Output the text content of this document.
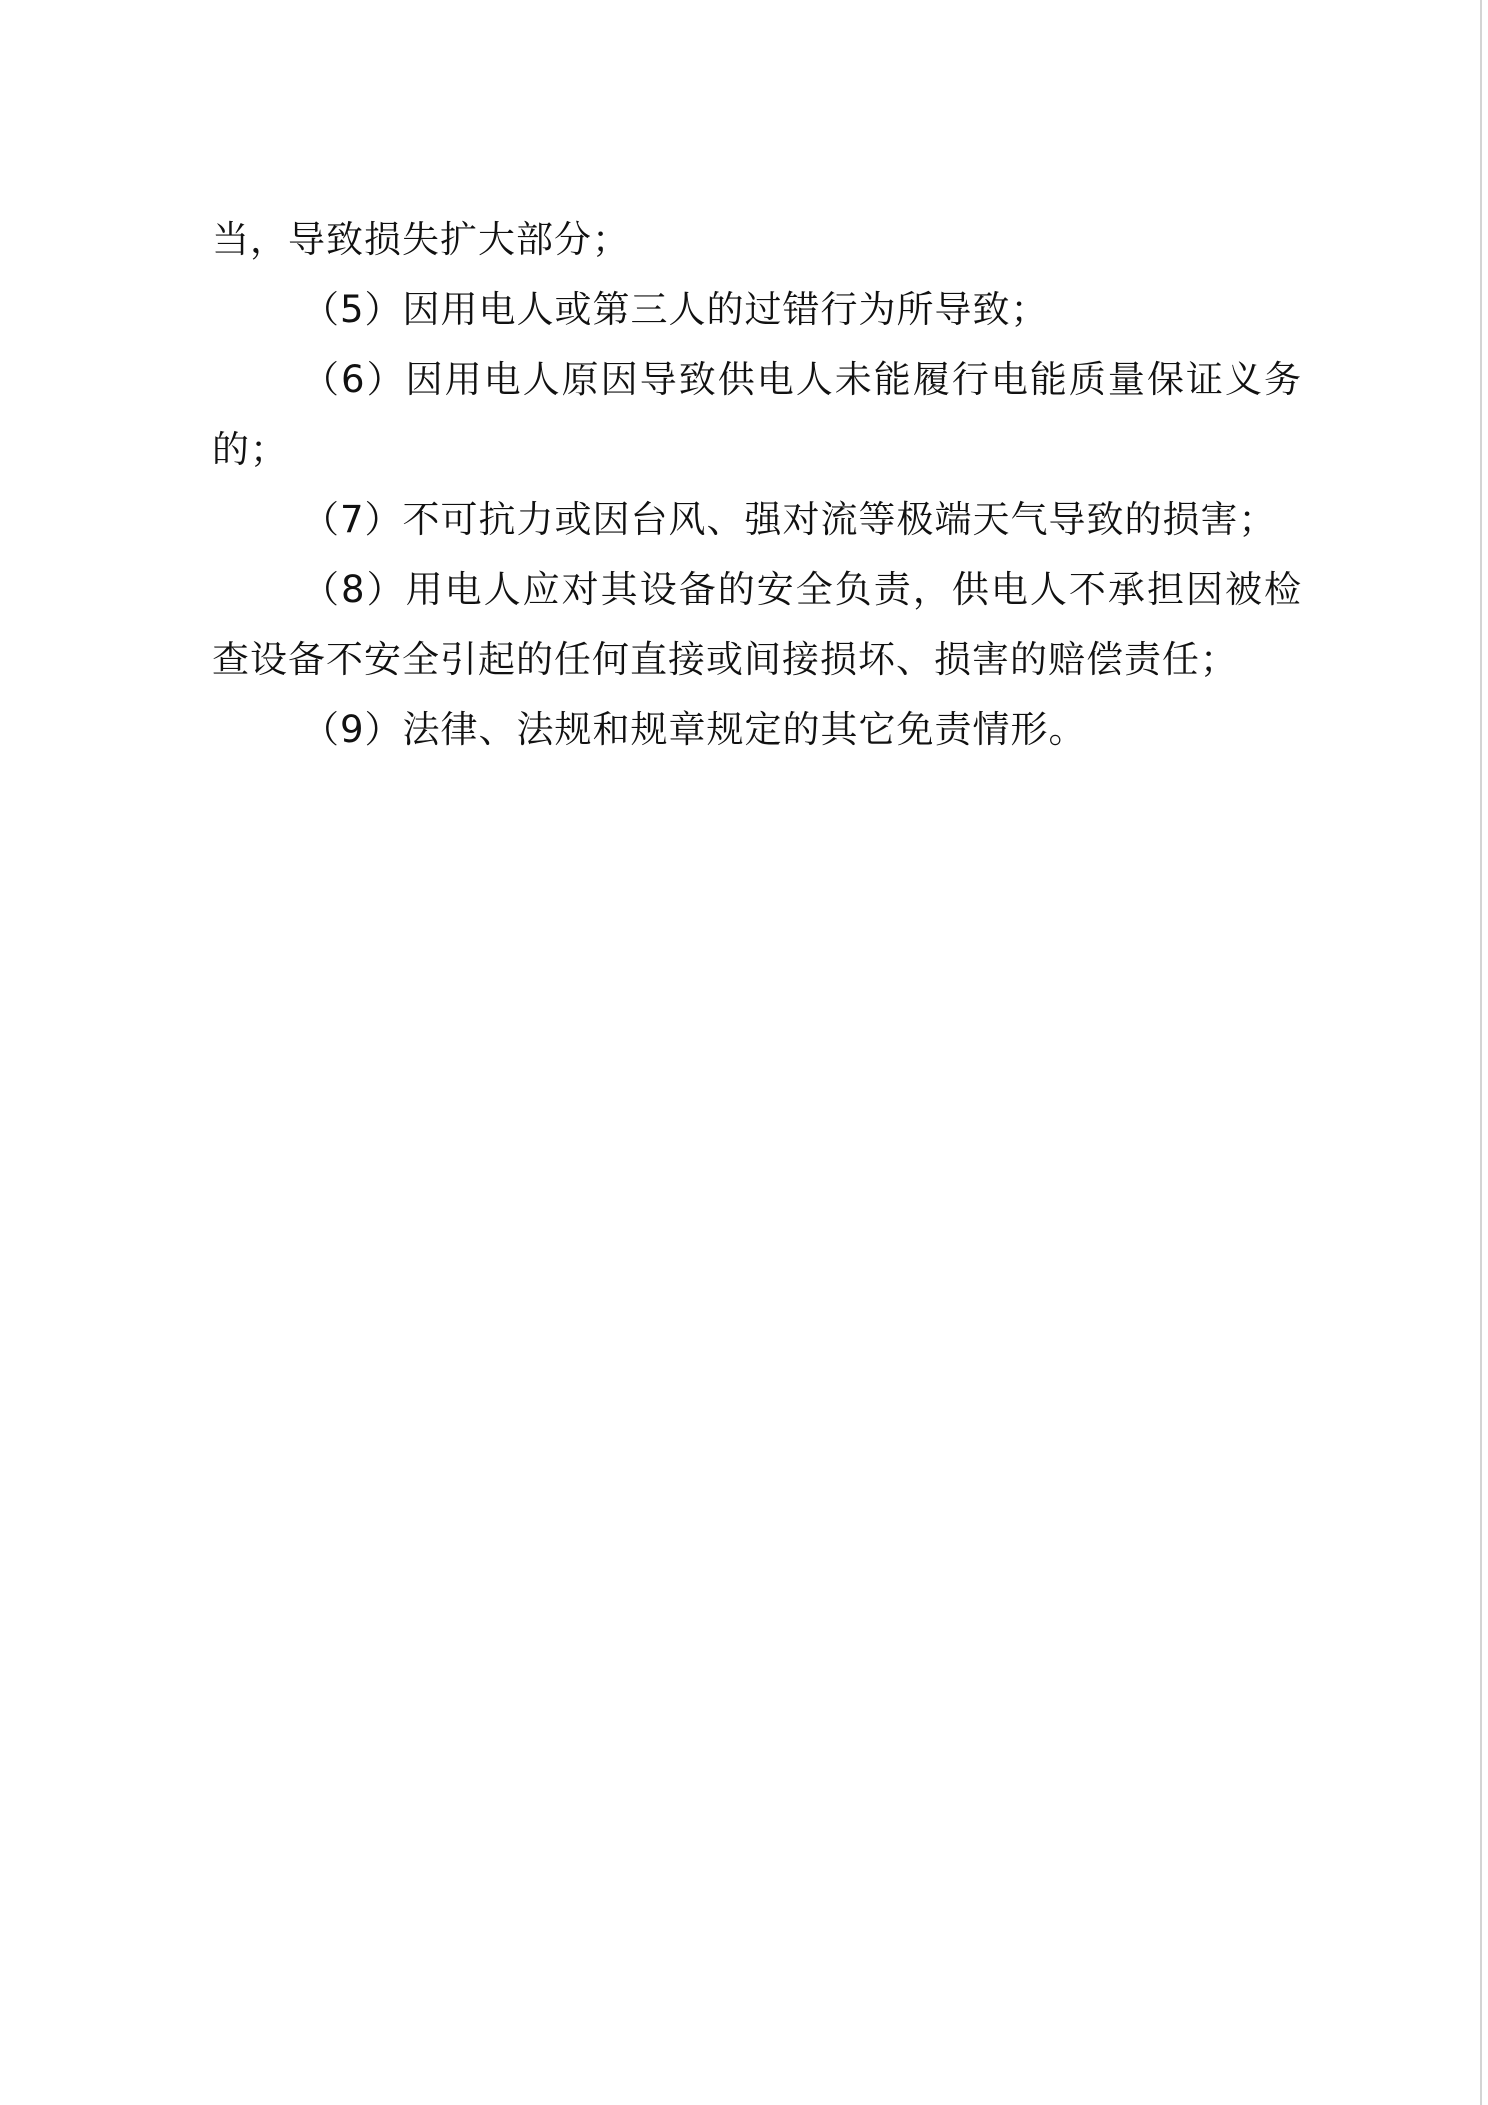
当，导致损失扩大部分；

（5）因用电人或第三人的过错行为所导致；

（6）因用电人原因导致供电人未能履行电能质量保证义务的；

（7）不可抗力或因台风、强对流等极端天气导致的损害；

（8）用电人应对其设备的安全负责，供电人不承担因被检查设备不安全引起的任何直接或间接损坏、损害的赔偿责任；

（9）法律、法规和规章规定的其它免责情形。
